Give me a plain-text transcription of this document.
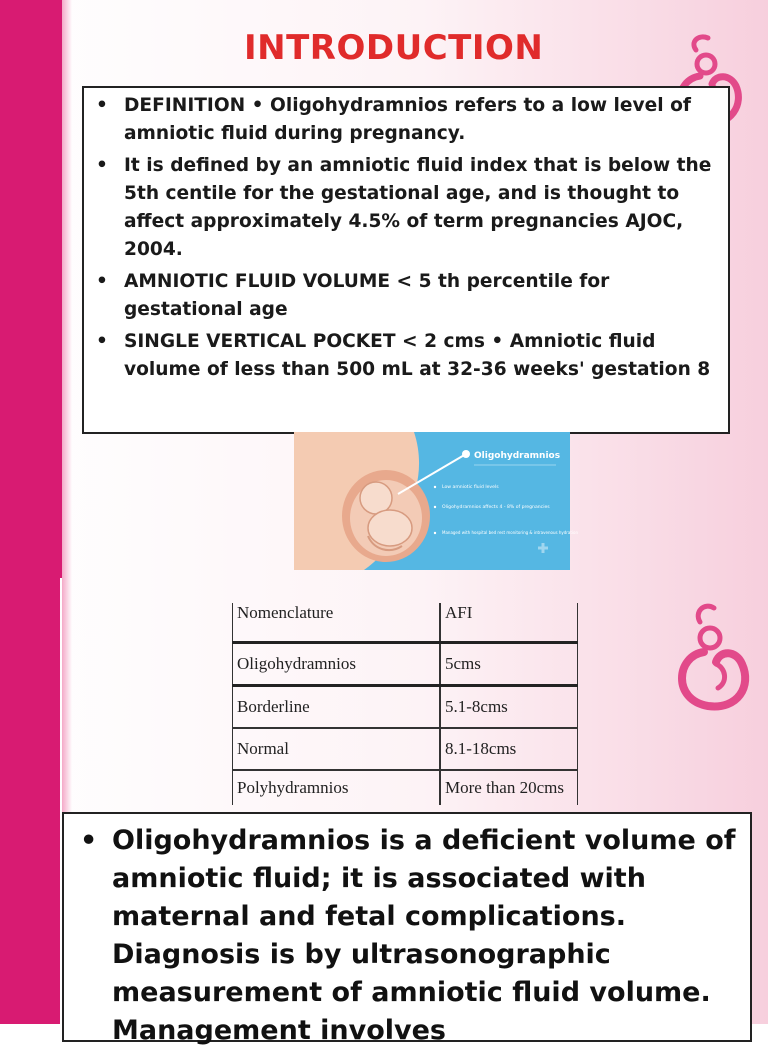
INTRODUCTION
• DEFINITION • Oligohydramnios refers to a low level of amniotic fluid during pregnancy.
• It is defined by an amniotic fluid index that is below the 5th centile for the gestational age, and is thought to affect approximately 4.5% of term pregnancies AJOC, 2004.
• AMNIOTIC FLUID VOLUME < 5 th percentile for gestational age
• SINGLE VERTICAL POCKET < 2 cms • Amniotic fluid volume of less than 500 mL at 32-36 weeks' gestation 8
Oligohydramnios
Low amniotic fluid levels
Oligohydramnios affects 4 - 8% of pregnancies
Managed with hospital bed rest monitoring & intravenous hydration
Nomenclature	AFI
Oligohydramnios	5cms
Borderline	5.1-8cms
Normal	8.1-18cms
Polyhydramnios	More than 20cms
• Oligohydramnios is a deficient volume of amniotic fluid; it is associated with maternal and fetal complications. Diagnosis is by ultrasonographic measurement of amniotic fluid volume. Management involves
